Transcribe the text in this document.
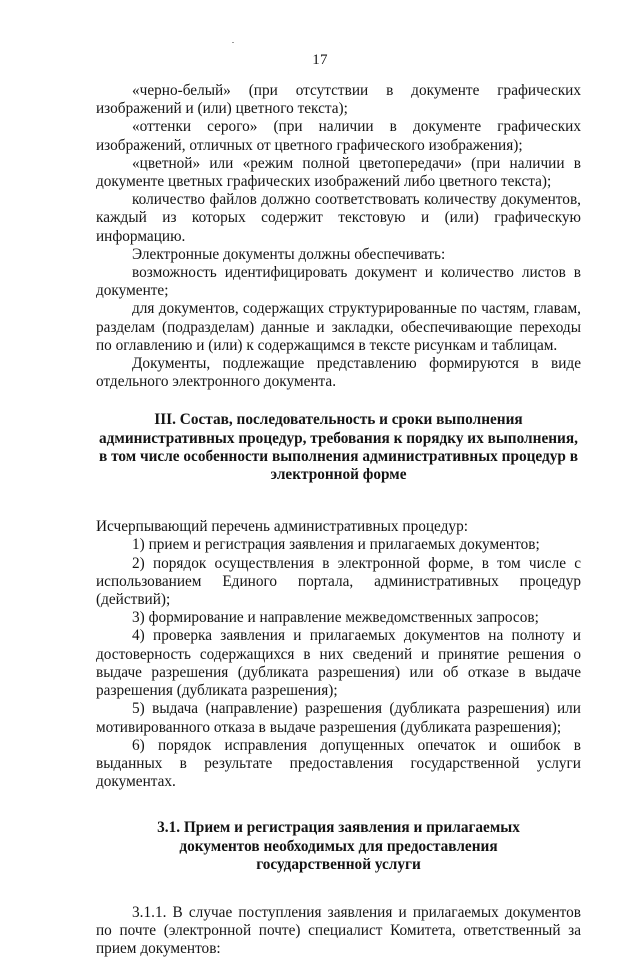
17

«черно-белый» (при отсутствии в документе графических изображений и (или) цветного текста);

«оттенки серого» (при наличии в документе графических изображений, отличных от цветного графического изображения);

«цветной» или «режим полной цветопередачи» (при наличии в документе цветных графических изображений либо цветного текста);

количество файлов должно соответствовать количеству документов, каждый из которых содержит текстовую и (или) графическую информацию.

Электронные документы должны обеспечивать:

возможность идентифицировать документ и количество листов в документе;

для документов, содержащих структурированные по частям, главам, разделам (подразделам) данные и закладки, обеспечивающие переходы по оглавлению и (или) к содержащимся в тексте рисункам и таблицам.

Документы, подлежащие представлению формируются в виде отдельного электронного документа.

III. Состав, последовательность и сроки выполнения административных процедур, требования к порядку их выполнения, в том числе особенности выполнения административных процедур в электронной форме

Исчерпывающий перечень административных процедур:

1) прием и регистрация заявления и прилагаемых документов;

2) порядок осуществления в электронной форме, в том числе с использованием Единого портала, административных процедур (действий);

3) формирование и направление межведомственных запросов;

4) проверка заявления и прилагаемых документов на полноту и достоверность содержащихся в них сведений и принятие решения о выдаче разрешения (дубликата разрешения) или об отказе в выдаче разрешения (дубликата разрешения);

5) выдача (направление) разрешения (дубликата разрешения) или мотивированного отказа в выдаче разрешения (дубликата разрешения);

6) порядок исправления допущенных опечаток и ошибок в выданных в результате предоставления государственной услуги документах.

3.1. Прием и регистрация заявления и прилагаемых документов необходимых для предоставления государственной услуги

3.1.1. В случае поступления заявления и прилагаемых документов по почте (электронной почте) специалист Комитета, ответственный за прием документов:
